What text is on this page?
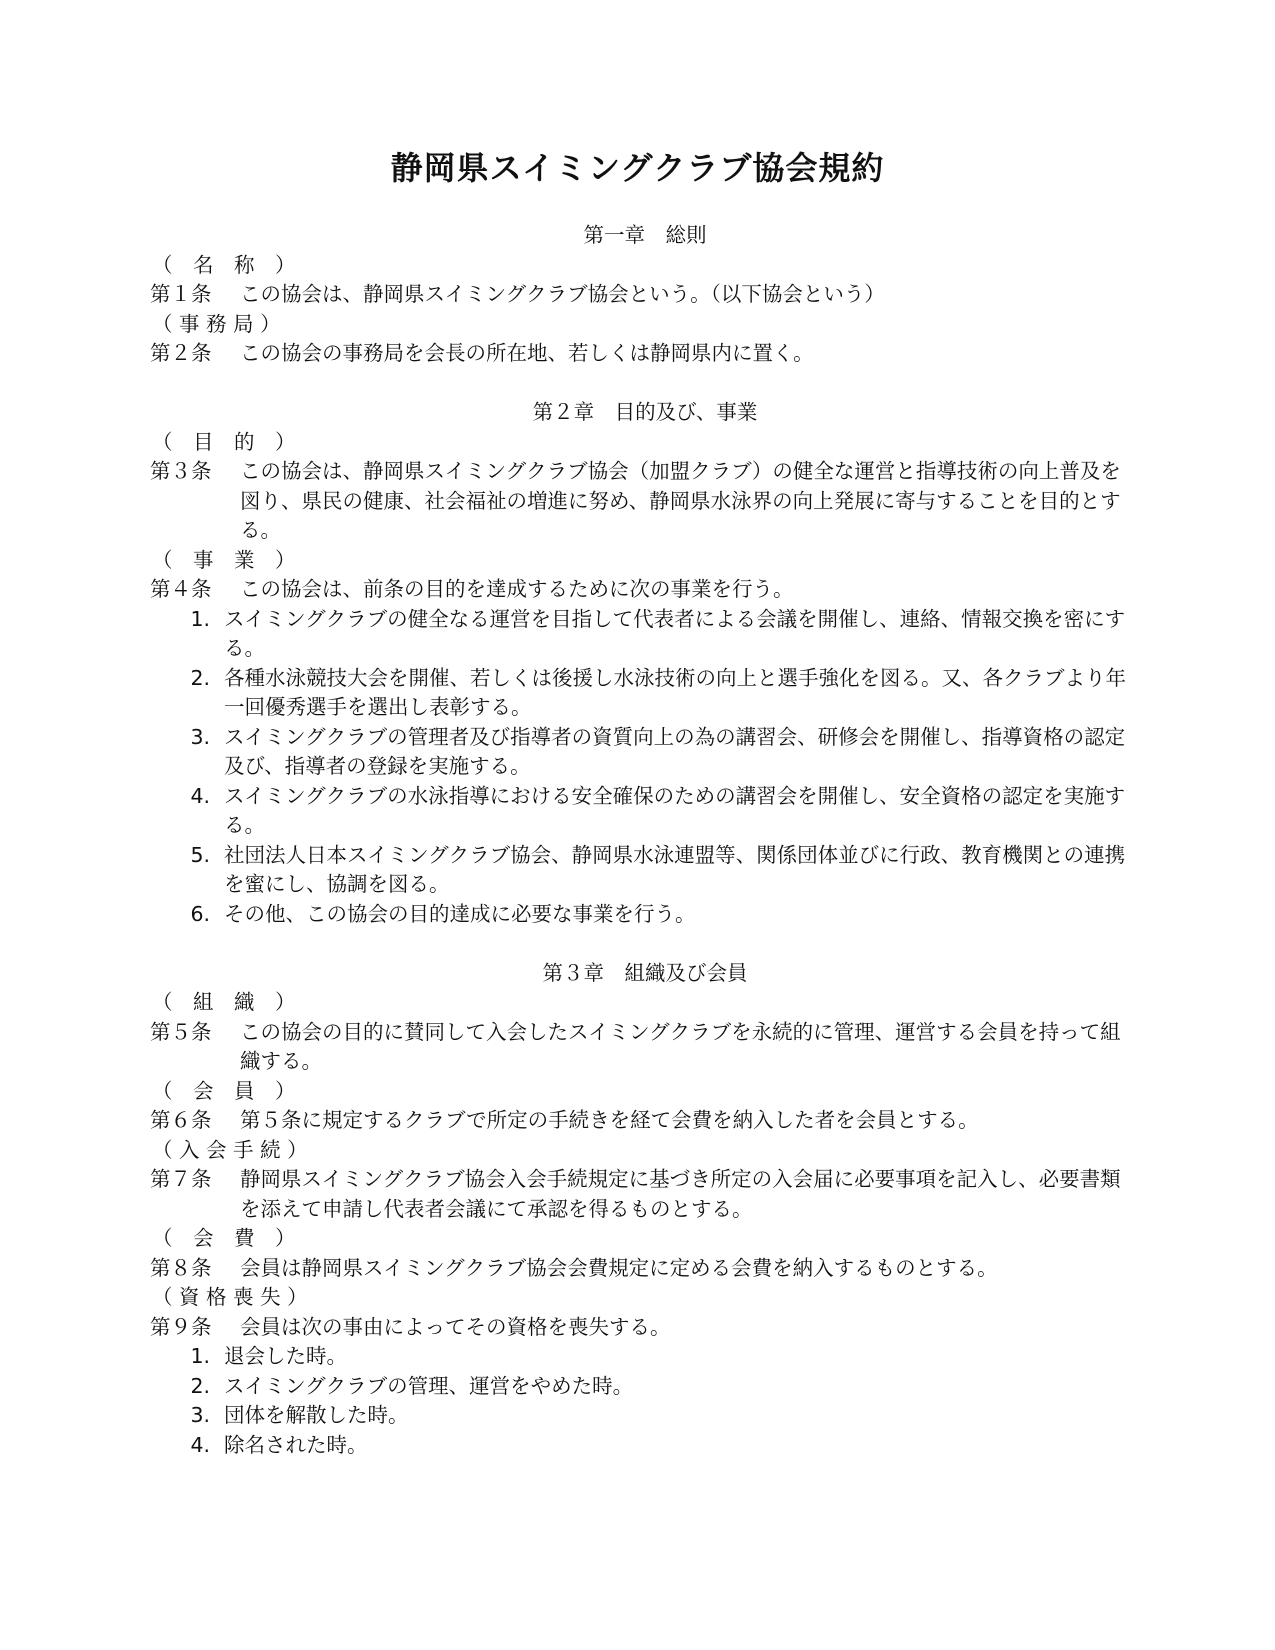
静岡県スイミングクラブ協会規約
第一章　総則
（　名　称　）
第１条	この協会は、静岡県スイミングクラブ協会という。（以下協会という）
（ 事 務 局 ）
第２条	この協会の事務局を会長の所在地、若しくは静岡県内に置く。
第２章　目的及び、事業
（　目　的　）
第３条	この協会は、静岡県スイミングクラブ協会（加盟クラブ）の健全な運営と指導技術の向上普及を図り、県民の健康、社会福祉の増進に努め、静岡県水泳界の向上発展に寄与することを目的とする。
（　事　業　）
第４条	この協会は、前条の目的を達成するために次の事業を行う。
1. スイミングクラブの健全なる運営を目指して代表者による会議を開催し、連絡、情報交換を密にする。
2. 各種水泳競技大会を開催、若しくは後援し水泳技術の向上と選手強化を図る。又、各クラブより年一回優秀選手を選出し表彰する。
3. スイミングクラブの管理者及び指導者の資質向上の為の講習会、研修会を開催し、指導資格の認定及び、指導者の登録を実施する。
4. スイミングクラブの水泳指導における安全確保のための講習会を開催し、安全資格の認定を実施する。
5. 社団法人日本スイミングクラブ協会、静岡県水泳連盟等、関係団体並びに行政、教育機関との連携を蜜にし、協調を図る。
6. その他、この協会の目的達成に必要な事業を行う。
第３章　組織及び会員
（　組　織　）
第５条	この協会の目的に賛同して入会したスイミングクラブを永続的に管理、運営する会員を持って組織する。
（　会　員　）
第６条	第５条に規定するクラブで所定の手続きを経て会費を納入した者を会員とする。
（ 入 会 手 続 ）
第７条	静岡県スイミングクラブ協会入会手続規定に基づき所定の入会届に必要事項を記入し、必要書類を添えて申請し代表者会議にて承認を得るものとする。
（　会　費　）
第８条	会員は静岡県スイミングクラブ協会会費規定に定める会費を納入するものとする。
（ 資 格 喪 失 ）
第９条	会員は次の事由によってその資格を喪失する。
1. 退会した時。
2. スイミングクラブの管理、運営をやめた時。
3. 団体を解散した時。
4. 除名された時。
